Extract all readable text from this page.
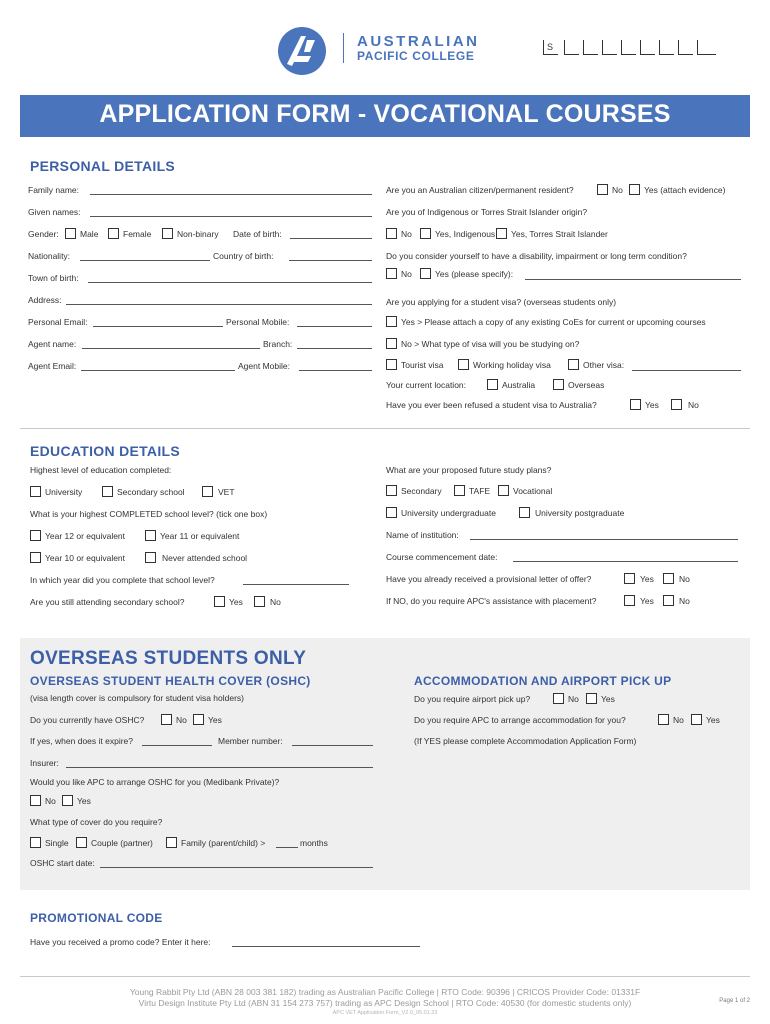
AUSTRALIAN
PACIFIC COLLEGE
S
APPLICATION FORM - VOCATIONAL COURSES
PERSONAL DETAILS
Family name:
Given names:
Gender:	Male	Female	Non-binary Date of birth:
Nationality:	Country of birth:
Town of birth:
Address:
Personal Email:	Personal Mobile:
Agent name:	Branch:
Agent Email:	Agent Mobile:
Are you an Australian citizen/permanent resident?	No Yes (attach evidence)
Are you of Indigenous or Torres Strait Islander origin?
No	Yes, Indigenous Yes, Torres Strait Islander
Do you consider yourself to have a disability, impairment or long term condition?
No	Yes (please specify):
Are you applying for a student visa? (overseas students only)
Yes > Please attach a copy of any existing CoEs for current or upcoming courses
No > What type of visa will you be studying on?
Tourist visa	Working holiday visa	Other visa:
Your current location:	Australia	Overseas
Have you ever been refused a student visa to Australia?	Yes	No
EDUCATION DETAILS
Highest level of education completed:
University	Secondary school	VET
What is your highest COMPLETED school level? (tick one box)
Year 12 or equivalent	Year 11 or equivalent
Year 10 or equivalent	Never attended school
In which year did you complete that school level?
Are you still attending secondary school?	Yes	No
What are your proposed future study plans?
Secondary	TAFE	Vocational
University undergraduate	University postgraduate
Name of institution:
Course commencement date:
Have you already received a provisional letter of offer?	Yes	No
If NO, do you require APC's assistance with placement?	Yes	No
OVERSEAS STUDENTS ONLY
OVERSEAS STUDENT HEALTH COVER (OSHC)
(visa length cover is compulsory for student visa holders)
Do you currently have OSHC?	No Yes
If yes, when does it expire?	Member number:
Insurer:
Would you like APC to arrange OSHC for you (Medibank Private)?
No Yes
What type of cover do you require?
Single	Couple (partner)	Family (parent/child) >	months
OSHC start date:
ACCOMMODATION AND AIRPORT PICK UP
Do you require airport pick up?	No	Yes
Do you require APC to arrange accommodation for you?	No	Yes
(If YES please complete Accommodation Application Form)
PROMOTIONAL CODE
Have you received a promo code? Enter it here:
Young Rabbit Pty Ltd (ABN 28 003 381 182) trading as Australian Pacific College | RTO Code: 90396 | CRICOS Provider Code: 01331F
Virtu Design Institute Pty Ltd (ABN 31 154 273 757) trading as APC Design School | RTO Code: 40530 (for domestic students only)
APC VET Application Form_V2.0_05.01.23
Page 1 of 2
